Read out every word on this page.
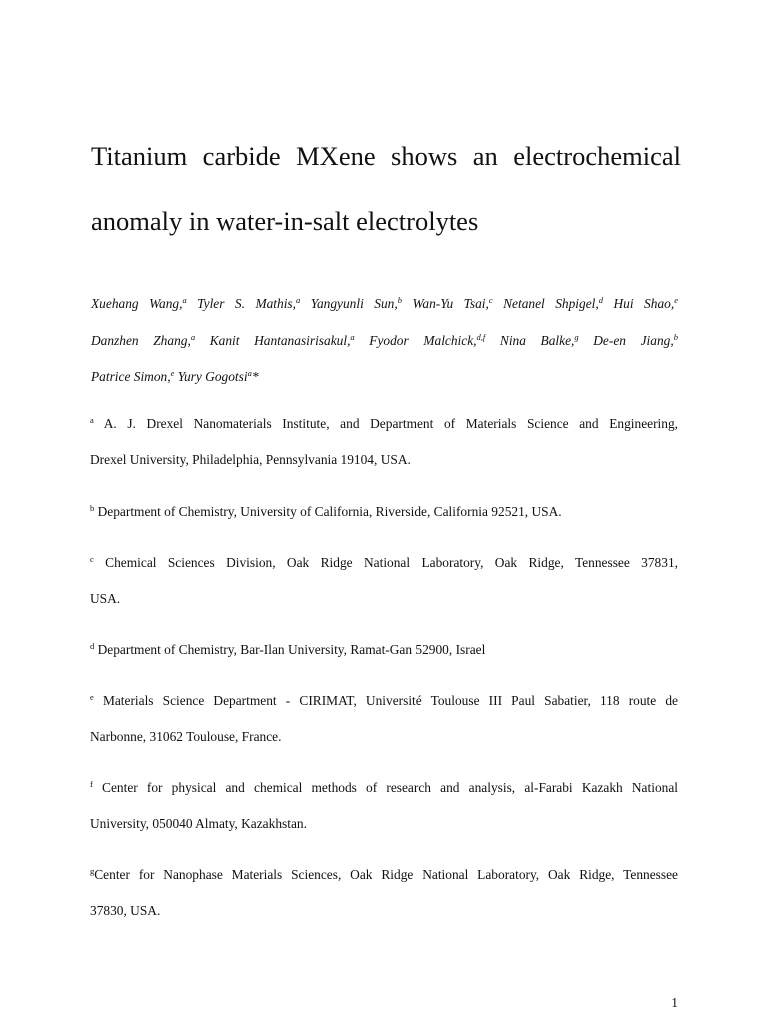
Titanium carbide MXene shows an electrochemical
anomaly in water-in-salt electrolytes
Xuehang Wang,$^a$ Tyler S. Mathis,$^a$ Yangyunli Sun,$^b$ Wan-Yu Tsai,$^c$ Netanel Shpigel,$^d$ Hui Shao,$^e$
Danzhen Zhang,$^a$ Kanit Hantanasirisakul,$^a$ Fyodor Malchick,$^{d,f}$ Nina Balke,$^g$ De-en Jiang,$^b$
Patrice Simon,$^e$ Yury Gogotsi$^a$*
$^a$ A. J. Drexel Nanomaterials Institute, and Department of Materials Science and Engineering,
Drexel University, Philadelphia, Pennsylvania 19104, USA.
$^b$ Department of Chemistry, University of California, Riverside, California 92521, USA.
$^c$ Chemical Sciences Division, Oak Ridge National Laboratory, Oak Ridge, Tennessee 37831,
USA.
$^d$ Department of Chemistry, Bar-Ilan University, Ramat-Gan 52900, Israel
$^e$ Materials Science Department - CIRIMAT, Université Toulouse III Paul Sabatier, 118 route de
Narbonne, 31062 Toulouse, France.
$^f$ Center for physical and chemical methods of research and analysis, al-Farabi Kazakh National
University, 050040 Almaty, Kazakhstan.
$^g$Center for Nanophase Materials Sciences, Oak Ridge National Laboratory, Oak Ridge, Tennessee
37830, USA.
1
